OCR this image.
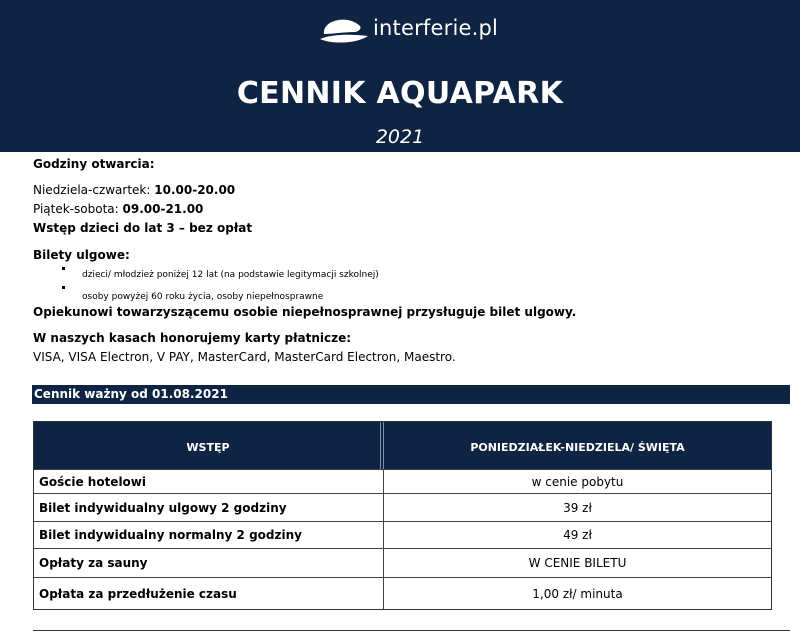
interferie.pl
CENNIK AQUAPARK
2021
Godziny otwarcia:
Niedziela-czwartek: 10.00-20.00
Piątek-sobota: 09.00-21.00
Wstęp dzieci do lat 3 – bez opłat
Bilety ulgowe:
dzieci/ młodzież poniżej 12 lat (na podstawie legitymacji szkolnej)
osoby powyżej 60 roku życia, osoby niepełnosprawne
Opiekunowi towarzyszącemu osobie niepełnosprawnej przysługuje bilet ulgowy.
W naszych kasach honorujemy karty płatnicze:
VISA, VISA Electron, V PAY, MasterCard, MasterCard Electron, Maestro.
Cennik ważny od 01.08.2021
WSTĘP	PONIEDZIAŁEK-NIEDZIELA/ ŚWIĘTA
Goście hotelowi	w cenie pobytu
Bilet indywidualny ulgowy 2 godziny	39 zł
Bilet indywidualny normalny 2 godziny	49 zł
Opłaty za sauny	W CENIE BILETU
Opłata za przedłużenie czasu	1,00 zł/ minuta
